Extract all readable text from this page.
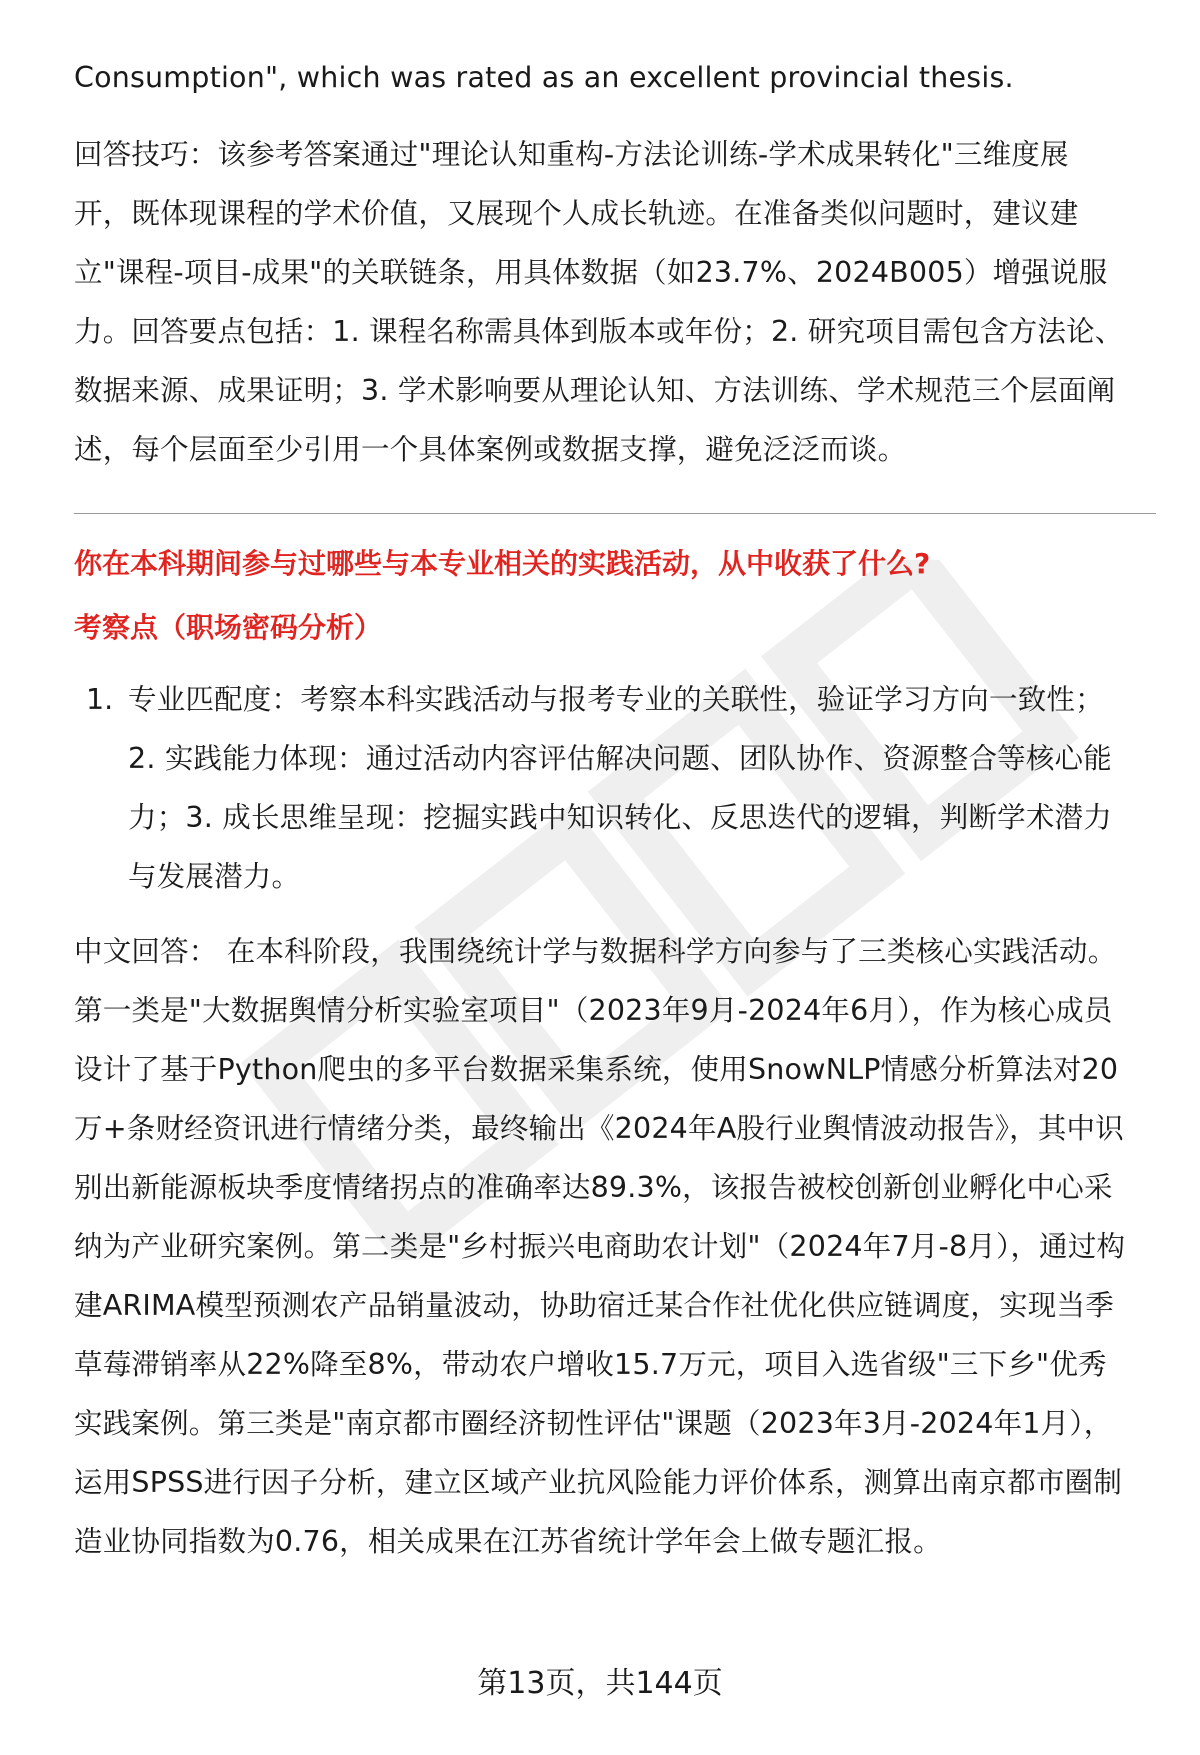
Consumption", which was rated as an excellent provincial thesis.

回答技巧：该参考答案通过"理论认知重构-方法论训练-学术成果转化"三维度展开，既体现课程的学术价值，又展现个人成长轨迹。在准备类似问题时，建议建立"课程-项目-成果"的关联链条，用具体数据（如23.7%、2024B005）增强说服力。回答要点包括：1. 课程名称需具体到版本或年份；2. 研究项目需包含方法论、数据来源、成果证明；3. 学术影响要从理论认知、方法训练、学术规范三个层面阐述，每个层面至少引用一个具体案例或数据支撑，避免泛泛而谈。

你在本科期间参与过哪些与本专业相关的实践活动，从中收获了什么?

考察点（职场密码分析）

1. 专业匹配度：考察本科实践活动与报考专业的关联性，验证学习方向一致性；2. 实践能力体现：通过活动内容评估解决问题、团队协作、资源整合等核心能力；3. 成长思维呈现：挖掘实践中知识转化、反思迭代的逻辑，判断学术潜力与发展潜力。

中文回答： 在本科阶段，我围绕统计学与数据科学方向参与了三类核心实践活动。第一类是"大数据舆情分析实验室项目"（2023年9月-2024年6月），作为核心成员设计了基于Python爬虫的多平台数据采集系统，使用SnowNLP情感分析算法对20万+条财经资讯进行情绪分类，最终输出《2024年A股行业舆情波动报告》，其中识别出新能源板块季度情绪拐点的准确率达89.3%，该报告被校创新创业孵化中心采纳为产业研究案例。第二类是"乡村振兴电商助农计划"（2024年7月-8月），通过构建ARIMA模型预测农产品销量波动，协助宿迁某合作社优化供应链调度，实现当季草莓滞销率从22%降至8%，带动农户增收15.7万元，项目入选省级"三下乡"优秀实践案例。第三类是"南京都市圈经济韧性评估"课题（2023年3月-2024年1月），运用SPSS进行因子分析，建立区域产业抗风险能力评价体系，测算出南京都市圈制造业协同指数为0.76，相关成果在江苏省统计学年会上做专题汇报。

第13页，共144页
